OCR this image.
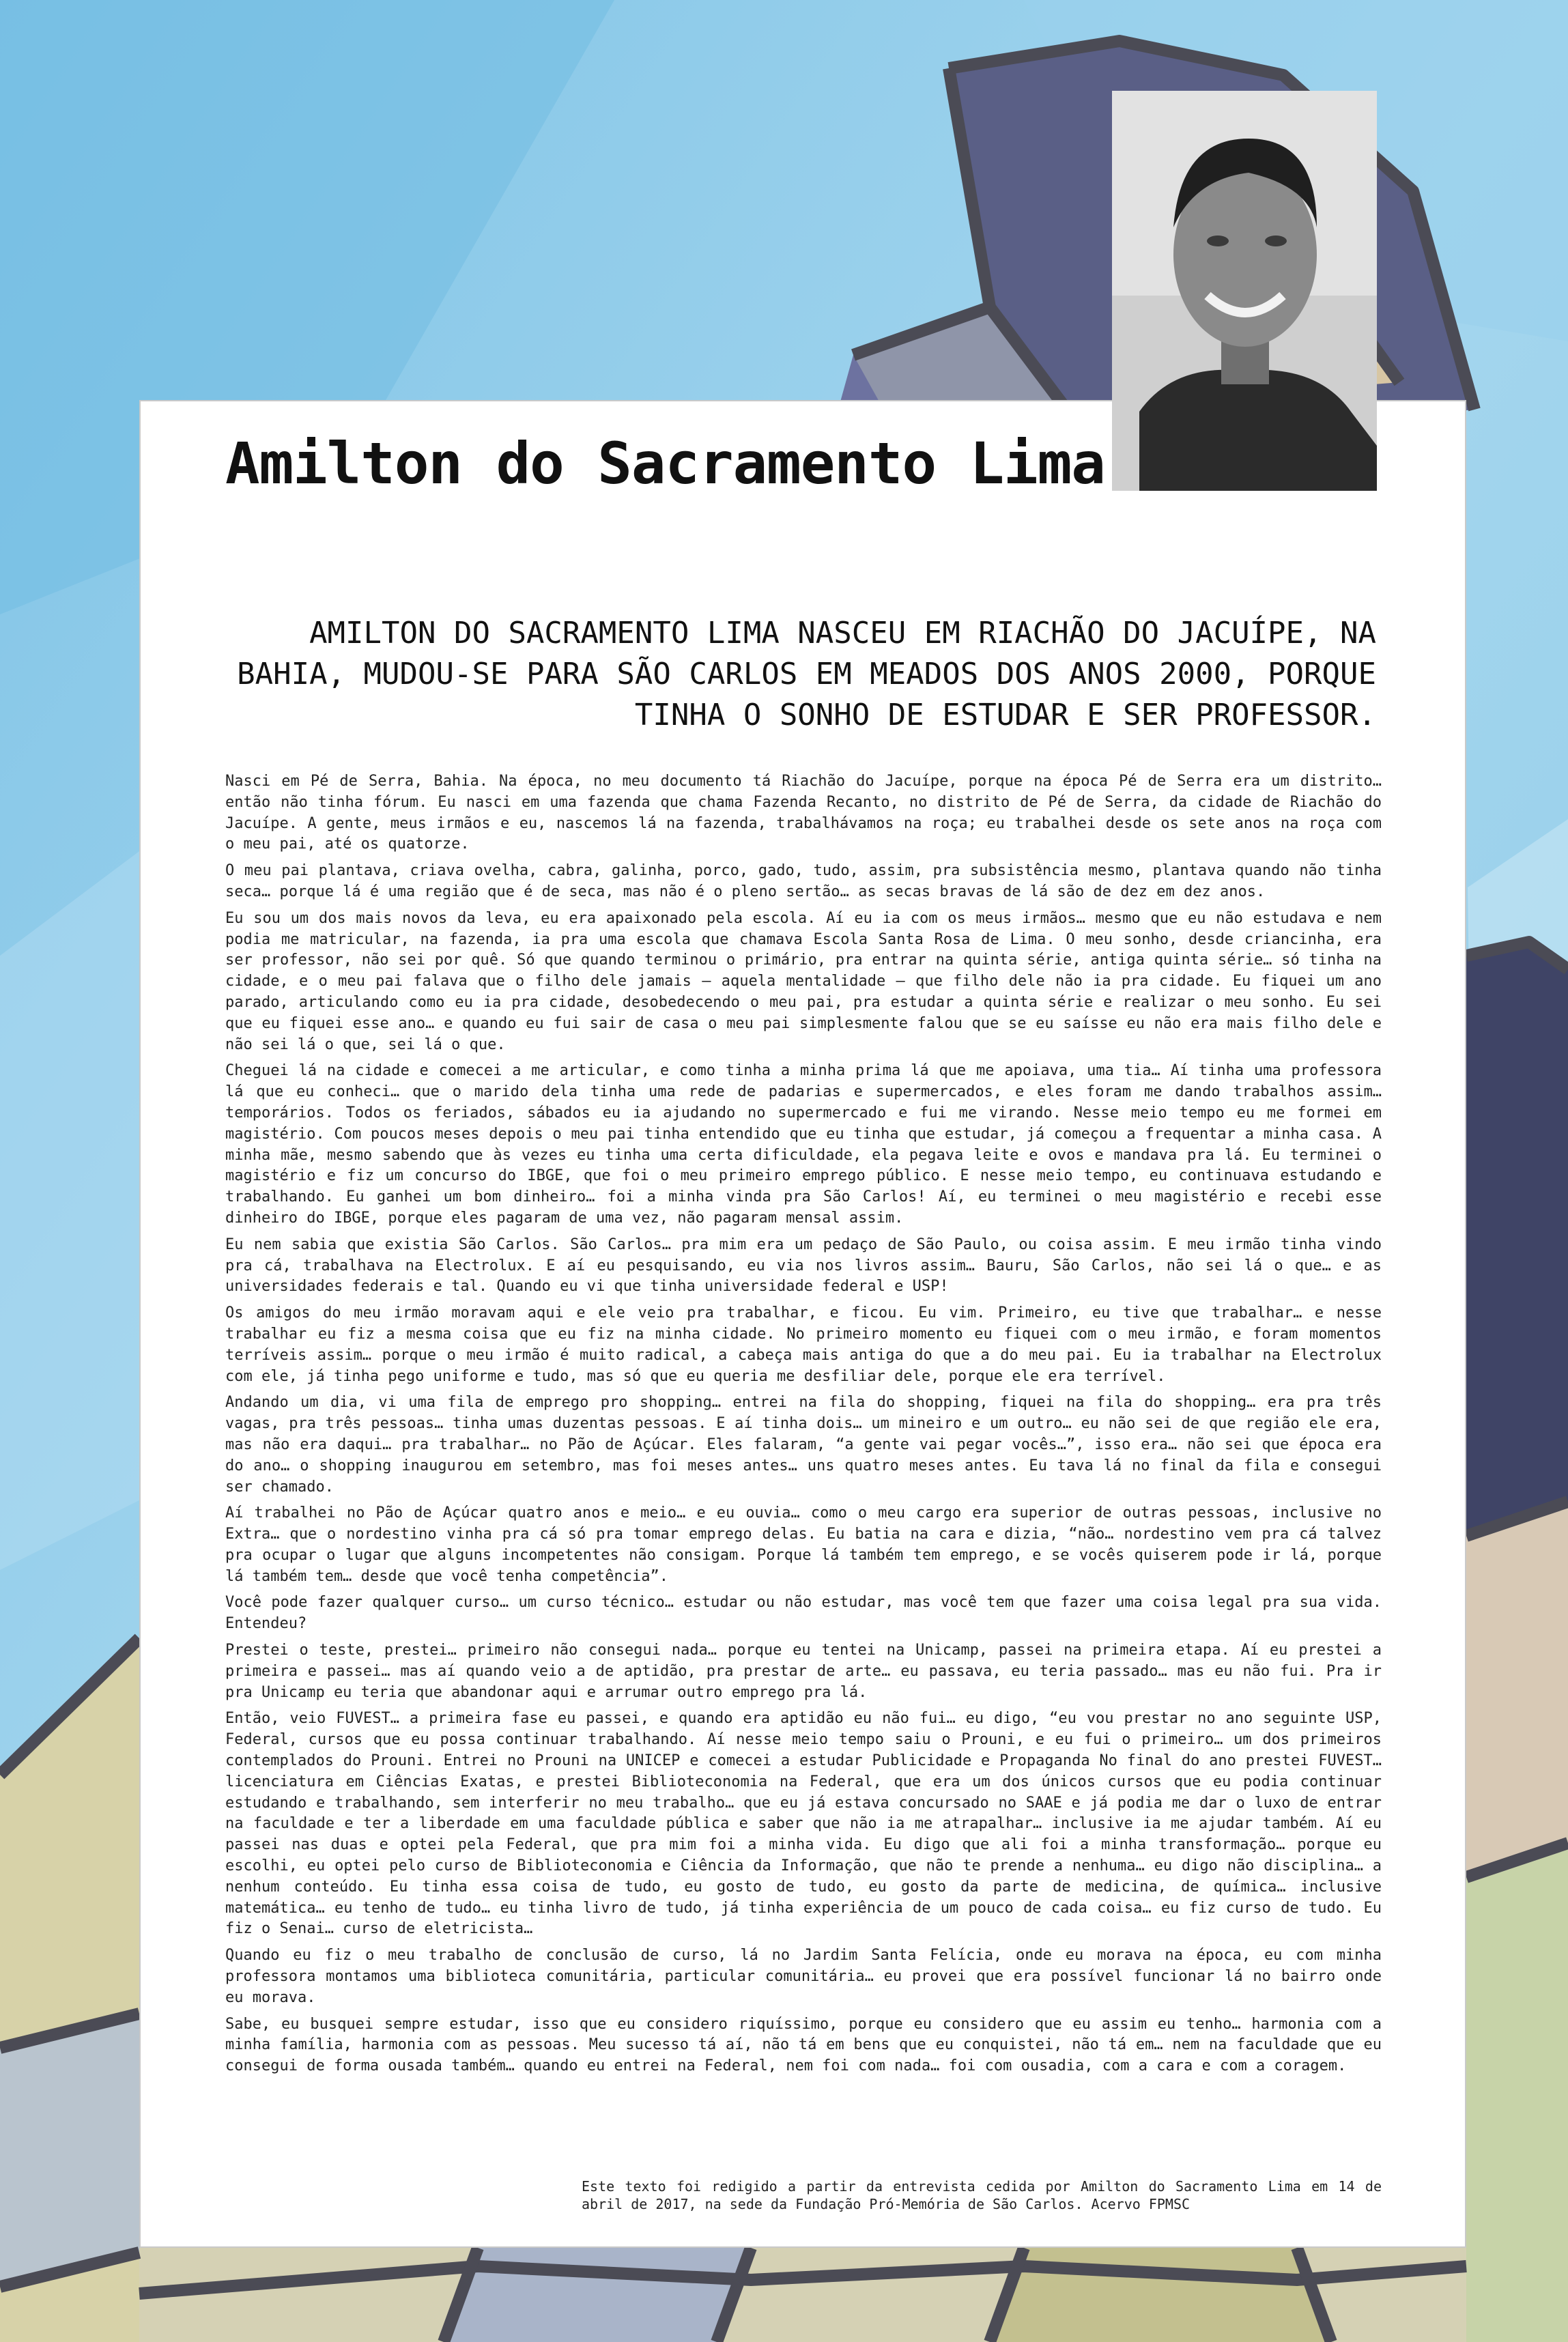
Amilton do Sacramento Lima
AMILTON DO SACRAMENTO LIMA NASCEU EM RIACHÃO DO JACUÍPE, NA BAHIA, MUDOU-SE PARA SÃO CARLOS EM MEADOS DOS ANOS 2000, PORQUE TINHA O SONHO DE ESTUDAR E SER PROFESSOR.

Nasci em Pé de Serra, Bahia. Na época, no meu documento tá Riachão do Jacuípe, porque na época Pé de Serra era um distrito… então não tinha fórum. Eu nasci em uma fazenda que chama Fazenda Recanto, no distrito de Pé de Serra, da cidade de Riachão do Jacuípe. A gente, meus irmãos e eu, nascemos lá na fazenda, trabalhávamos na roça; eu trabalhei desde os sete anos na roça com o meu pai, até os quatorze.

O meu pai plantava, criava ovelha, cabra, galinha, porco, gado, tudo, assim, pra subsistência mesmo, plantava quando não tinha seca… porque lá é uma região que é de seca, mas não é o pleno sertão… as secas bravas de lá são de dez em dez anos.

Eu sou um dos mais novos da leva, eu era apaixonado pela escola. Aí eu ia com os meus irmãos… mesmo que eu não estudava e nem podia me matricular, na fazenda, ia pra uma escola que chamava Escola Santa Rosa de Lima. O meu sonho, desde criancinha, era ser professor, não sei por quê. Só que quando terminou o primário, pra entrar na quinta série, antiga quinta série… só tinha na cidade, e o meu pai falava que o filho dele jamais – aquela mentalidade – que filho dele não ia pra cidade. Eu fiquei um ano parado, articulando como eu ia pra cidade, desobedecendo o meu pai, pra estudar a quinta série e realizar o meu sonho. Eu sei que eu fiquei esse ano… e quando eu fui sair de casa o meu pai simplesmente falou que se eu saísse eu não era mais filho dele e não sei lá o que, sei lá o que.

Cheguei lá na cidade e comecei a me articular, e como tinha a minha prima lá que me apoiava, uma tia… Aí tinha uma professora lá que eu conheci… que o marido dela tinha uma rede de padarias e supermercados, e eles foram me dando trabalhos assim… temporários. Todos os feriados, sábados eu ia ajudando no supermercado e fui me virando. Nesse meio tempo eu me formei em magistério. Com poucos meses depois o meu pai tinha entendido que eu tinha que estudar, já começou a frequentar a minha casa. A minha mãe, mesmo sabendo que às vezes eu tinha uma certa dificuldade, ela pegava leite e ovos e mandava pra lá. Eu terminei o magistério e fiz um concurso do IBGE, que foi o meu primeiro emprego público. E nesse meio tempo, eu continuava estudando e trabalhando. Eu ganhei um bom dinheiro… foi a minha vinda pra São Carlos! Aí, eu terminei o meu magistério e recebi esse dinheiro do IBGE, porque eles pagaram de uma vez, não pagaram mensal assim.

Eu nem sabia que existia São Carlos. São Carlos… pra mim era um pedaço de São Paulo, ou coisa assim. E meu irmão tinha vindo pra cá, trabalhava na Electrolux. E aí eu pesquisando, eu via nos livros assim… Bauru, São Carlos, não sei lá o que… e as universidades federais e tal. Quando eu vi que tinha universidade federal e USP!

Os amigos do meu irmão moravam aqui e ele veio pra trabalhar, e ficou. Eu vim. Primeiro, eu tive que trabalhar… e nesse trabalhar eu fiz a mesma coisa que eu fiz na minha cidade. No primeiro momento eu fiquei com o meu irmão, e foram momentos terríveis assim… porque o meu irmão é muito radical, a cabeça mais antiga do que a do meu pai. Eu ia trabalhar na Electrolux com ele, já tinha pego uniforme e tudo, mas só que eu queria me desfiliar dele, porque ele era terrível.

Andando um dia, vi uma fila de emprego pro shopping… entrei na fila do shopping, fiquei na fila do shopping… era pra três vagas, pra três pessoas… tinha umas duzentas pessoas. E aí tinha dois… um mineiro e um outro… eu não sei de que região ele era, mas não era daqui… pra trabalhar… no Pão de Açúcar. Eles falaram, “a gente vai pegar vocês…”, isso era… não sei que época era do ano… o shopping inaugurou em setembro, mas foi meses antes… uns quatro meses antes. Eu tava lá no final da fila e consegui ser chamado.

Aí trabalhei no Pão de Açúcar quatro anos e meio… e eu ouvia… como o meu cargo era superior de outras pessoas, inclusive no Extra… que o nordestino vinha pra cá só pra tomar emprego delas. Eu batia na cara e dizia, “não… nordestino vem pra cá talvez pra ocupar o lugar que alguns incompetentes não consigam. Porque lá também tem emprego, e se vocês quiserem pode ir lá, porque lá também tem… desde que você tenha competência”.

Você pode fazer qualquer curso… um curso técnico… estudar ou não estudar, mas você tem que fazer uma coisa legal pra sua vida. Entendeu?

Prestei o teste, prestei… primeiro não consegui nada… porque eu tentei na Unicamp, passei na primeira etapa. Aí eu prestei a primeira e passei… mas aí quando veio a de aptidão, pra prestar de arte… eu passava, eu teria passado… mas eu não fui. Pra ir pra Unicamp eu teria que abandonar aqui e arrumar outro emprego pra lá.

Então, veio FUVEST… a primeira fase eu passei, e quando era aptidão eu não fui… eu digo, “eu vou prestar no ano seguinte USP, Federal, cursos que eu possa continuar trabalhando. Aí nesse meio tempo saiu o Prouni, e eu fui o primeiro… um dos primeiros contemplados do Prouni. Entrei no Prouni na UNICEP e comecei a estudar Publicidade e Propaganda No final do ano prestei FUVEST… licenciatura em Ciências Exatas, e prestei Biblioteconomia na Federal, que era um dos únicos cursos que eu podia continuar estudando e trabalhando, sem interferir no meu trabalho… que eu já estava concursado no SAAE e já podia me dar o luxo de entrar na faculdade e ter a liberdade em uma faculdade pública e saber que não ia me atrapalhar… inclusive ia me ajudar também. Aí eu passei nas duas e optei pela Federal, que pra mim foi a minha vida. Eu digo que ali foi a minha transformação… porque eu escolhi, eu optei pelo curso de Biblioteconomia e Ciência da Informação, que não te prende a nenhuma… eu digo não disciplina… a nenhum conteúdo. Eu tinha essa coisa de tudo, eu gosto de tudo, eu gosto da parte de medicina, de química… inclusive matemática… eu tenho de tudo… eu tinha livro de tudo, já tinha experiência de um pouco de cada coisa… eu fiz curso de tudo. Eu fiz o Senai… curso de eletricista…

Quando eu fiz o meu trabalho de conclusão de curso, lá no Jardim Santa Felícia, onde eu morava na época, eu com minha professora montamos uma biblioteca comunitária, particular comunitária… eu provei que era possível funcionar lá no bairro onde eu morava.

Sabe, eu busquei sempre estudar, isso que eu considero riquíssimo, porque eu considero que eu assim eu tenho… harmonia com a minha família, harmonia com as pessoas. Meu sucesso tá aí, não tá em bens que eu conquistei, não tá em… nem na faculdade que eu consegui de forma ousada também… quando eu entrei na Federal, nem foi com nada… foi com ousadia, com a cara e com a coragem.

Este texto foi redigido a partir da entrevista cedida por Amilton do Sacramento Lima em 14 de abril de 2017, na sede da Fundação Pró-Memória de São Carlos. Acervo FPMSC
